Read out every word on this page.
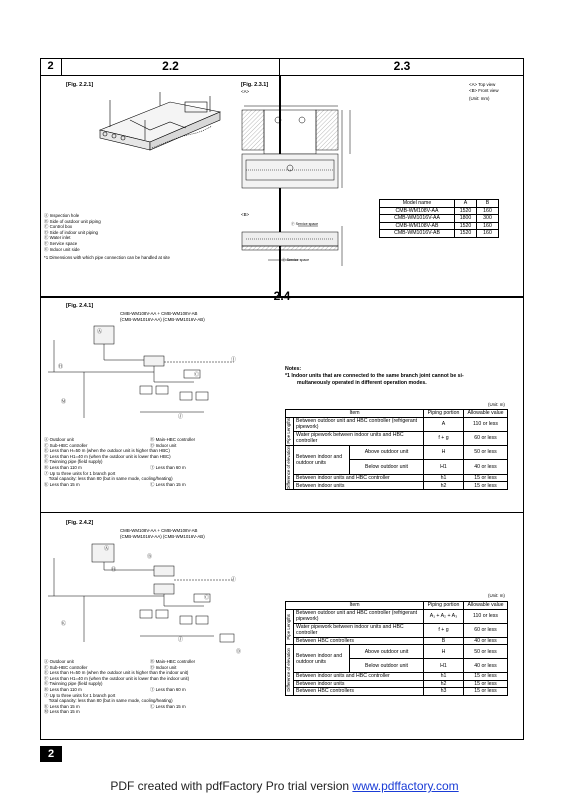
2	2.2	2.3
2.4
[Fig. 2.2.1]
Ⓐ Inspection hole
Ⓑ Side of outdoor unit piping
Ⓒ Control box
Ⓓ Side of indoor unit piping
Ⓔ Water inlet
Ⓕ Service space
Ⓖ Indoor unit side
*1 Dimensions with which pipe connection can be handled at site
[Fig. 2.3.1]
<A>
<A> Top view
<B> Front view
(Unit: mm)
<B>
Ⓕ Service space
Ⓕ Service space
Model name	A	B
CMB-WM108V-AA	1520	160
CMB-WM1016V-AA	1800	300
CMB-WM108V-AB	1520	160
CMB-WM1016V-AB	1520	160
[Fig. 2.4.1]
CMB-WM108V-AA + CMB-WM108V-AB
(CMB-WM1016V-AA) (CMB-WM1016V-AB)
Ⓐ
Ⓘ
Ⓒ
Ⓗ
Ⓜ
Ⓙ
Ⓐ Outdoor unit	Ⓑ Main-HBC controller
Ⓒ Sub-HBC controller	Ⓓ Indoor unit
Ⓔ Less than H=50 m (when the outdoor unit is higher than HBC)
Ⓕ Less than H1=40 m (when the outdoor unit is lower than HBC)
Ⓖ Twinning pipe (field supply)
Ⓗ Less than 110 m	Ⓘ Less than 60 m
Ⓙ Up to three units for 1 branch port
Total capacity: less than 80 (but in same mode, cooling/heating)
Ⓚ Less than 15 m	Ⓛ Less than 15 m
Notes:
*1 Indoor units that are connected to the same branch joint cannot be si-
multaneously operated in different operation modes.
(Unit: m)
Item			Piping portion	Allowable value

Pipe Lengths	Between outdoor unit and HBC controller (refrigerant pipework)		A	110 or less
	Water pipework between indoor units and HBC controller		f + g	60 or less

Difference of elevation	Between indoor and outdoor units	Above outdoor unit	H	50 or less
		Below outdoor unit	H1	40 or less
	Between indoor units and HBC controller		h1	15 or less
	Between indoor units		h2	15 or less
[Fig. 2.4.2]
CMB-WM108V-AA + CMB-WM108V-AB
(CMB-WM1016V-AA) (CMB-WM1016V-AB)
Ⓐ
Ⓑ
Ⓘ
Ⓒ
Ⓗ
Ⓚ
Ⓙ
Ⓓ
Ⓐ Outdoor unit	Ⓑ Main-HBC controller
Ⓒ Sub-HBC controller	Ⓓ Indoor unit
Ⓔ Less than H=50 m (when the outdoor unit is higher than the indoor unit)
Ⓕ Less than H1=40 m (when the outdoor unit is lower than the indoor unit)
Ⓖ Twinning pipe (field supply)
Ⓗ Less than 110 m	Ⓘ Less than 60 m
Ⓙ Up to three units for 1 branch port
Total capacity: less than 80 (but in same mode, cooling/heating)
Ⓚ Less than 15 m	Ⓛ Less than 15 m
Ⓜ Less than 15 m
(Unit: m)
Item			Piping portion	Allowable value

Pipe Lengths	Between outdoor unit and HBC controller (refrigerant pipework)		A₁ + A₂ + A₃	110 or less
	Water pipework between indoor units and HBC controller		f + g	60 or less
	Between HBC controllers		B	40 or less

Difference of elevation	Between indoor and outdoor units	Above outdoor unit	H	50 or less
		Below outdoor unit	H1	40 or less
	Between indoor units and HBC controller		h1	15 or less
	Between indoor units		h2	15 or less
	Between HBC controllers		h3	15 or less
2
PDF created with pdfFactory Pro trial version www.pdffactory.com
